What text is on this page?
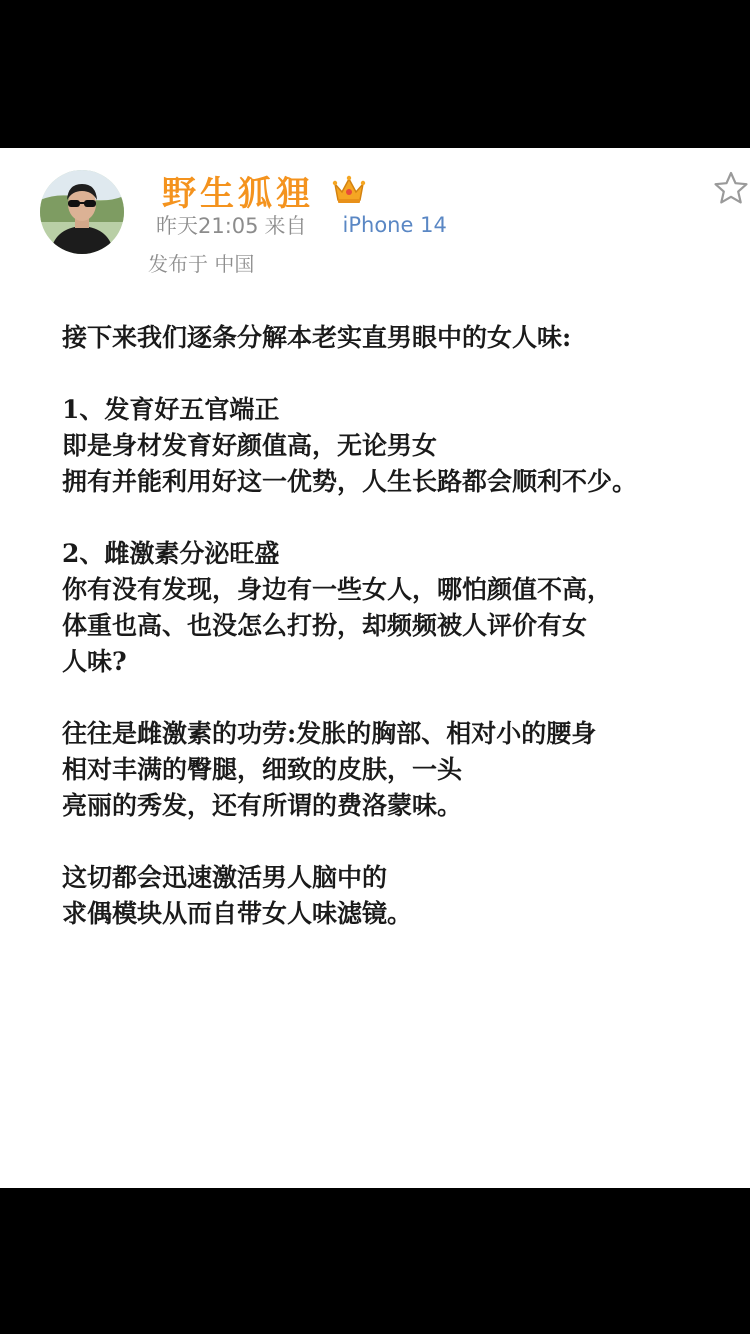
野生狐狸
昨天21:05 来自 iPhone 14
发布于 中国
接下来我们逐条分解本老实直男眼中的女人味:
1、发育好五官端正
即是身材发育好颜值高，无论男女
拥有并能利用好这一优势，人生长路都会顺利不少。
2、雌激素分泌旺盛
你有没有发现，身边有一些女人，哪怕颜值不高，
体重也高、也没怎么打扮，却频频被人评价有女
人味?
往往是雌激素的功劳:发胀的胸部、相对小的腰身
相对丰满的臀腿，细致的皮肤，一头
亮丽的秀发，还有所谓的费洛蒙味。
这切都会迅速激活男人脑中的
求偶模块从而自带女人味滤镜。
